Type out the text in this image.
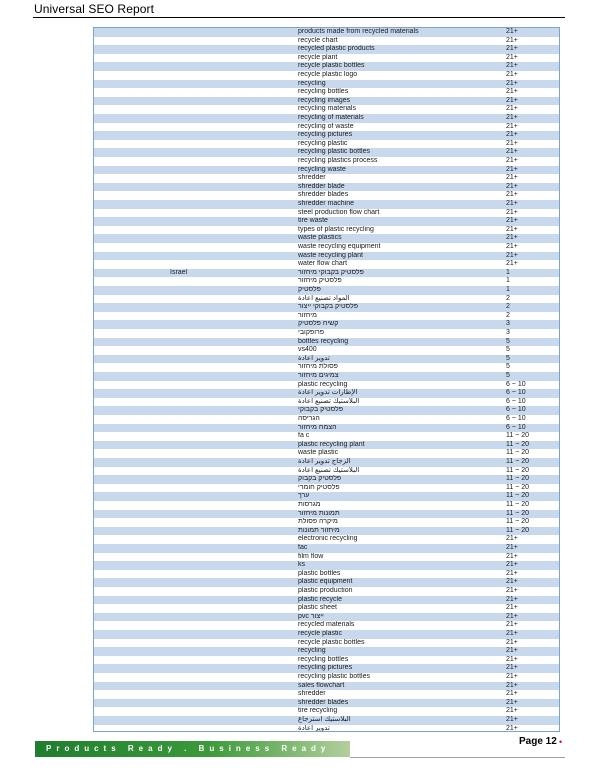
Universal SEO Report
products made from recycled materials	21+
recycle chart	21+
recycled plastic products	21+
recycle plant	21+
recycle plastic bottles	21+
recycle plastic logo	21+
recycling	21+
recycling bottles	21+
recycling images	21+
recycling materials	21+
recycling of materials	21+
recycling of waste	21+
recycling pictures	21+
recycling plastic	21+
recycling plastic bottles	21+
recycling plastics process	21+
recycling waste	21+
shredder	21+
shredder blade	21+
shredder blades	21+
shredder machine	21+
steel production flow chart	21+
tire waste	21+
types of plastic recycling	21+
waste plastics	21+
waste recycling equipment	21+
waste recycling plant	21+
water flow chart	21+
Israel	פלסטיק בקבוקי מיחזור	1
פלסטיק מיחזור	1
פלסטיק	1
المواد تصنيع اعادة	2
פלסטיק בקבוקי ייצור	2
מיחזור	2
קשיח פלסטיק	3
פרופקובי	3
bottles recycling	5
vs400	5
تدوير اعادة	5
פסולת מיחזור	5
צמיגים מיחזור	5
plastic recycling	6 ~ 10
الإطارات تدوير اعادة	6 ~ 10
البلاستيك تصنيع اعادة	6 ~ 10
פלסטיק בקבוקי	6 ~ 10
הגריסה	6 ~ 10
הצמח מיחזור	6 ~ 10
fa c	11 ~ 20
plastic recycling plant	11 ~ 20
waste plastic	11 ~ 20
الزجاج تدوير اعادة	11 ~ 20
البلاستيك تصنيع اعادة	11 ~ 20
פלסטיק בקבוק	11 ~ 20
פלסטיק חומרי	11 ~ 20
ערך	11 ~ 20
מגרסות	11 ~ 20
תמונות מיחזור	11 ~ 20
מיקרה פסולת	11 ~ 20
מיחזור תמונות	11 ~ 20
electronic recycling	21+
fac	21+
film flow	21+
ks	21+
plastic bottles	21+
plastic equipment	21+
plastic production	21+
plastic recycle	21+
plastic sheet	21+
pvc ייצור	21+
recycled materials	21+
recycle plastic	21+
recycle plastic bottles	21+
recycling	21+
recycling bottles	21+
recycling pictures	21+
recycling plastic bottles	21+
sales flowchart	21+
shredder	21+
shredder blades	21+
tire recycling	21+
البلاستيك استرجاع	21+
تدوير اعادة	21+
Products Ready . Business Ready
Page 12 •
